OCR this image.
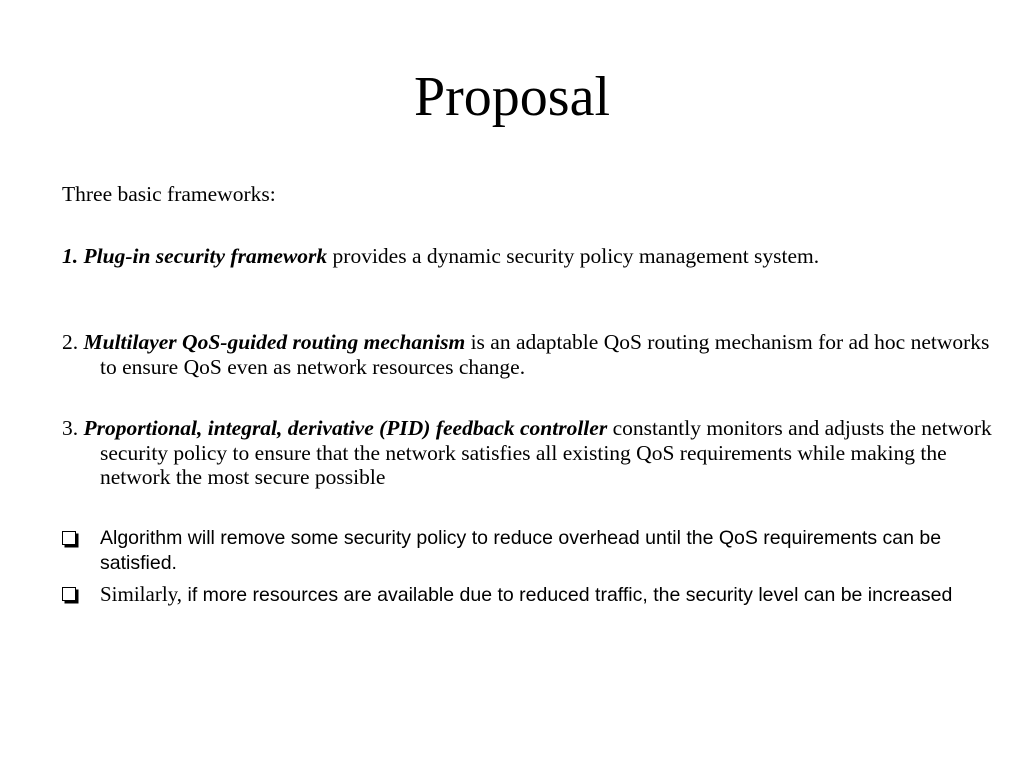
Proposal

Three basic frameworks:

1. Plug-in security framework provides a dynamic security policy management system.

2. Multilayer QoS-guided routing mechanism is an adaptable QoS routing mechanism for ad hoc networks to ensure QoS even as network resources change.

3. Proportional, integral, derivative (PID) feedback controller constantly monitors and adjusts the network security policy to ensure that the network satisfies all existing QoS requirements while making the network the most secure possible

Algorithm will remove some security policy to reduce overhead until the QoS requirements can be satisfied.
Similarly, if more resources are available due to reduced traffic, the security level can be increased
